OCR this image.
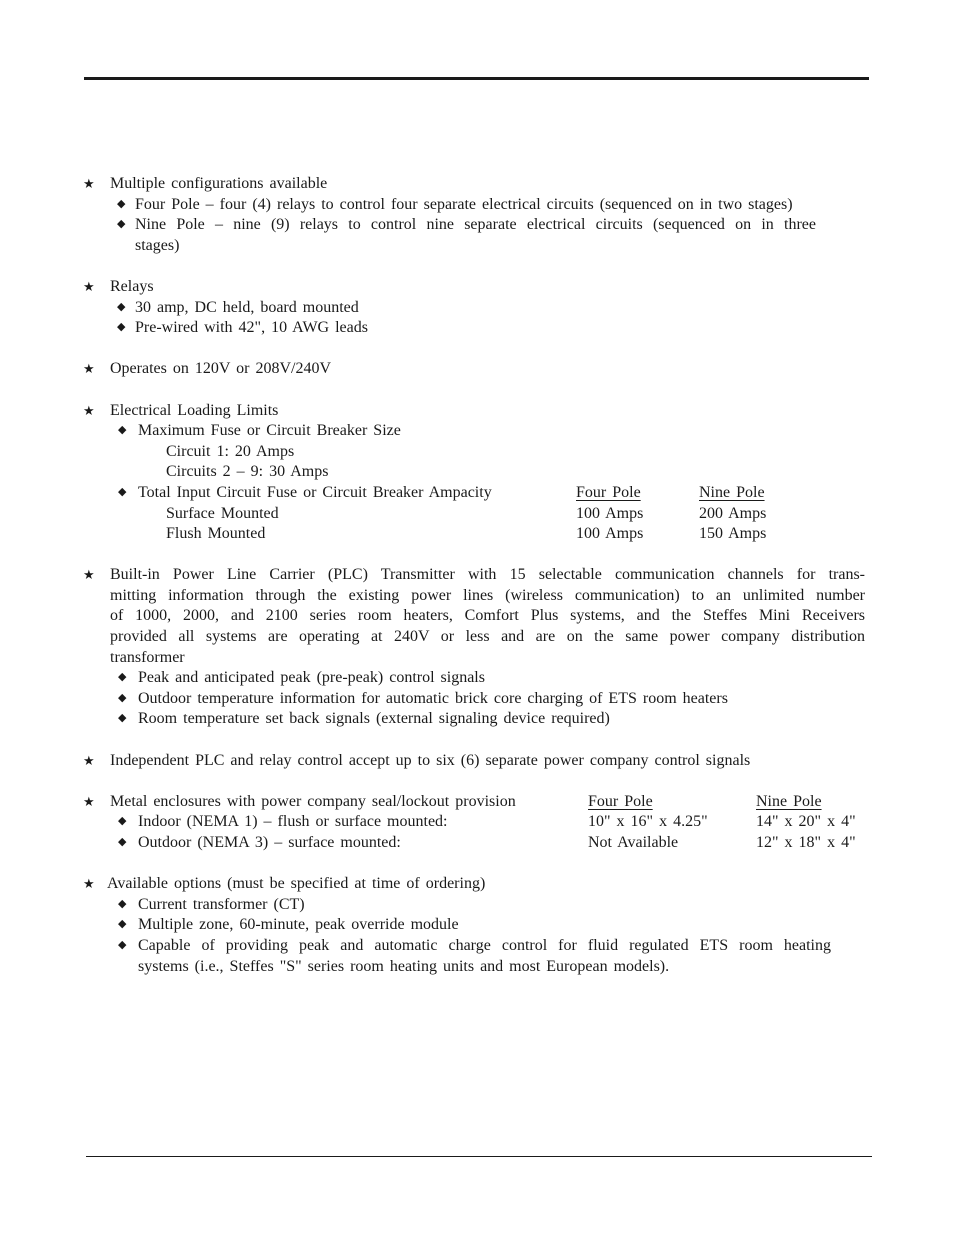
★ Multiple configurations available
◆ Four Pole – four (4) relays to control four separate electrical circuits (sequenced on in two stages)
◆ Nine Pole – nine (9) relays to control nine separate electrical circuits (sequenced on in three
stages)
★ Relays
◆ 30 amp, DC held, board mounted
◆ Pre-wired with 42", 10 AWG leads
★ Operates on 120V or 208V/240V
★ Electrical Loading Limits
◆ Maximum Fuse or Circuit Breaker Size
Circuit 1: 20 Amps
Circuits 2 – 9: 30 Amps
◆ Total Input Circuit Fuse or Circuit Breaker Ampacity	Four Pole	Nine Pole
Surface Mounted	100 Amps	200 Amps
Flush Mounted	100 Amps	150 Amps
★ Built-in Power Line Carrier (PLC) Transmitter with 15 selectable communication channels for trans-
mitting information through the existing power lines (wireless communication) to an unlimited number
of 1000, 2000, and 2100 series room heaters, Comfort Plus systems, and the Steffes Mini Receivers
provided all systems are operating at 240V or less and are on the same power company distribution
transformer
◆ Peak and anticipated peak (pre-peak) control signals
◆ Outdoor temperature information for automatic brick core charging of ETS room heaters
◆ Room temperature set back signals (external signaling device required)
★ Independent PLC and relay control accept up to six (6) separate power company control signals
★ Metal enclosures with power company seal/lockout provision	Four Pole	Nine Pole
◆ Indoor (NEMA 1) – flush or surface mounted:	10" x 16" x 4.25"	14" x 20" x 4"
◆ Outdoor (NEMA 3) – surface mounted:	Not Available	12" x 18" x 4"
★ Available options (must be specified at time of ordering)
◆ Current transformer (CT)
◆ Multiple zone, 60-minute, peak override module
◆ Capable of providing peak and automatic charge control for fluid regulated ETS room heating
systems (i.e., Steffes "S" series room heating units and most European models).
